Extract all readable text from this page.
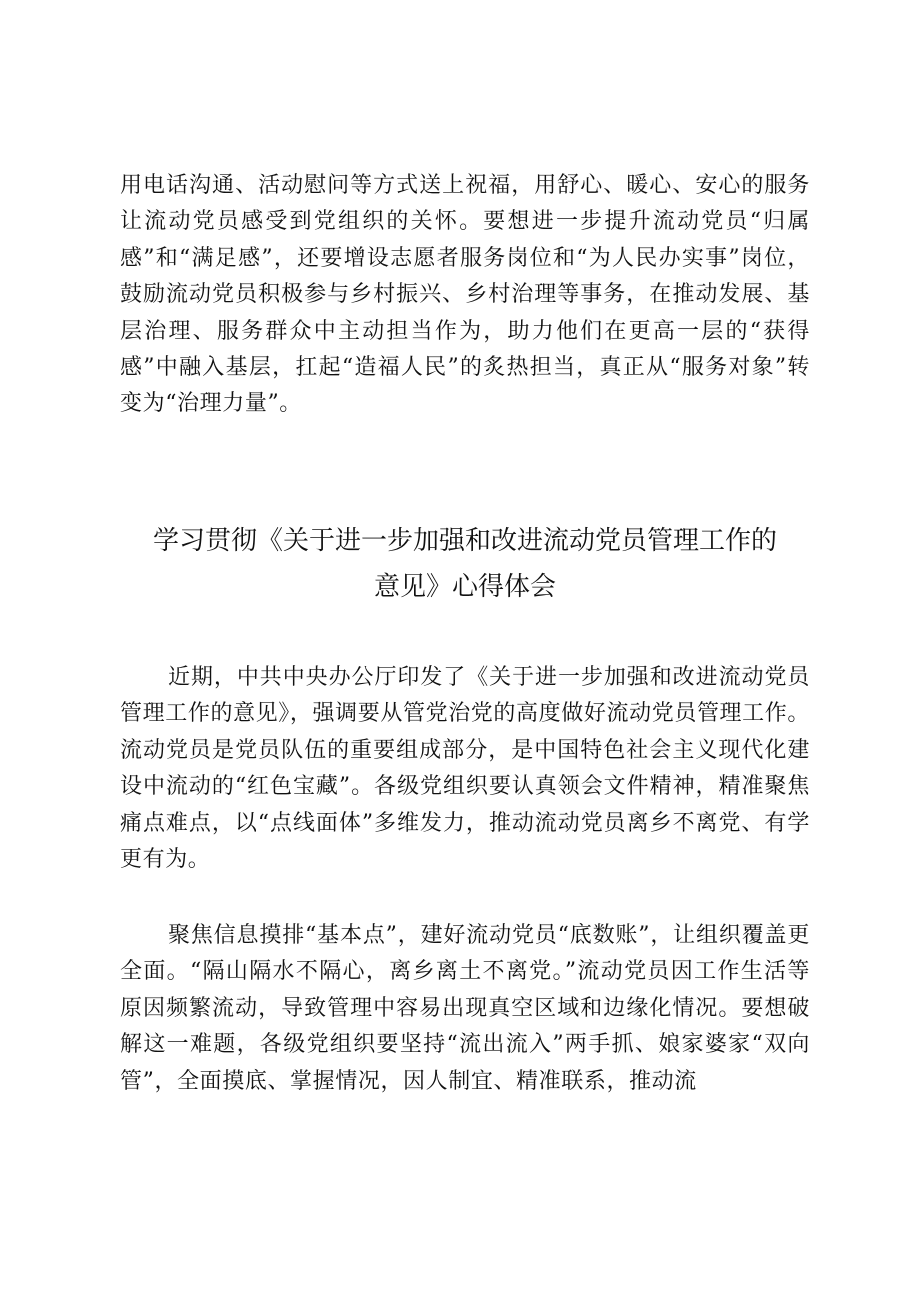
用电话沟通、活动慰问等方式送上祝福，用舒心、暖心、安心的服务让流动党员感受到党组织的关怀。要想进一步提升流动党员“归属感”和“满足感”，还要增设志愿者服务岗位和“为人民办实事”岗位，鼓励流动党员积极参与乡村振兴、乡村治理等事务，在推动发展、基层治理、服务群众中主动担当作为，助力他们在更高一层的“获得感”中融入基层，扛起“造福人民”的炙热担当，真正从“服务对象”转变为“治理力量”。

学习贯彻《关于进一步加强和改进流动党员管理工作的
意见》心得体会

近期，中共中央办公厅印发了《关于进一步加强和改进流动党员管理工作的意见》，强调要从管党治党的高度做好流动党员管理工作。流动党员是党员队伍的重要组成部分，是中国特色社会主义现代化建设中流动的“红色宝藏”。各级党组织要认真领会文件精神，精准聚焦痛点难点，以“点线面体”多维发力，推动流动党员离乡不离党、有学更有为。

聚焦信息摸排“基本点”，建好流动党员“底数账”，让组织覆盖更全面。“隔山隔水不隔心，离乡离土不离党。”流动党员因工作生活等原因频繁流动，导致管理中容易出现真空区域和边缘化情况。要想破解这一难题，各级党组织要坚持“流出流入”两手抓、娘家婆家“双向管”，全面摸底、掌握情况，因人制宜、精准联系，推动流
